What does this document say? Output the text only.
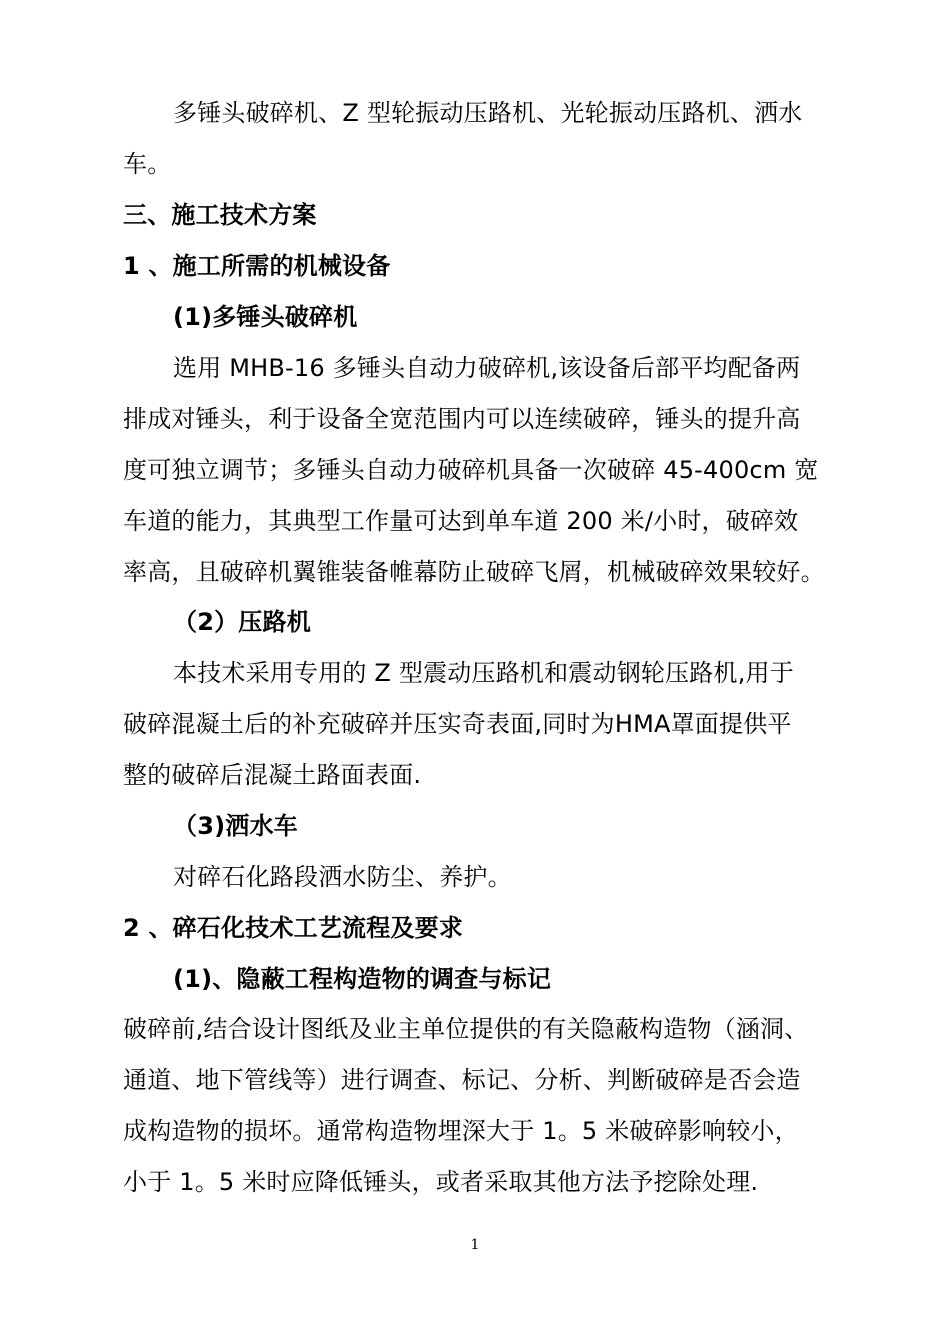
多锤头破碎机、Z 型轮振动压路机、光轮振动压路机、洒水
车。
三、施工技术方案
1 、施工所需的机械设备
(1)多锤头破碎机
选用 MHB-16 多锤头自动力破碎机,该设备后部平均配备两
排成对锤头，利于设备全宽范围内可以连续破碎，锤头的提升高
度可独立调节；多锤头自动力破碎机具备一次破碎 45-400cm 宽
车道的能力，其典型工作量可达到单车道 200 米/小时，破碎效
率高，且破碎机翼锥装备帷幕防止破碎飞屑，机械破碎效果较好。
（2）压路机
本技术采用专用的 Z 型震动压路机和震动钢轮压路机,用于
破碎混凝土后的补充破碎并压实奇表面,同时为HMA罩面提供平
整的破碎后混凝土路面表面.
（3)洒水车
对碎石化路段洒水防尘、养护。
2 、碎石化技术工艺流程及要求
(1)、隐蔽工程构造物的调查与标记
破碎前,结合设计图纸及业主单位提供的有关隐蔽构造物（涵洞、
通道、地下管线等）进行调查、标记、分析、判断破碎是否会造
成构造物的损坏。通常构造物埋深大于 1。5 米破碎影响较小，
小于 1。5 米时应降低锤头，或者采取其他方法予挖除处理.
1
